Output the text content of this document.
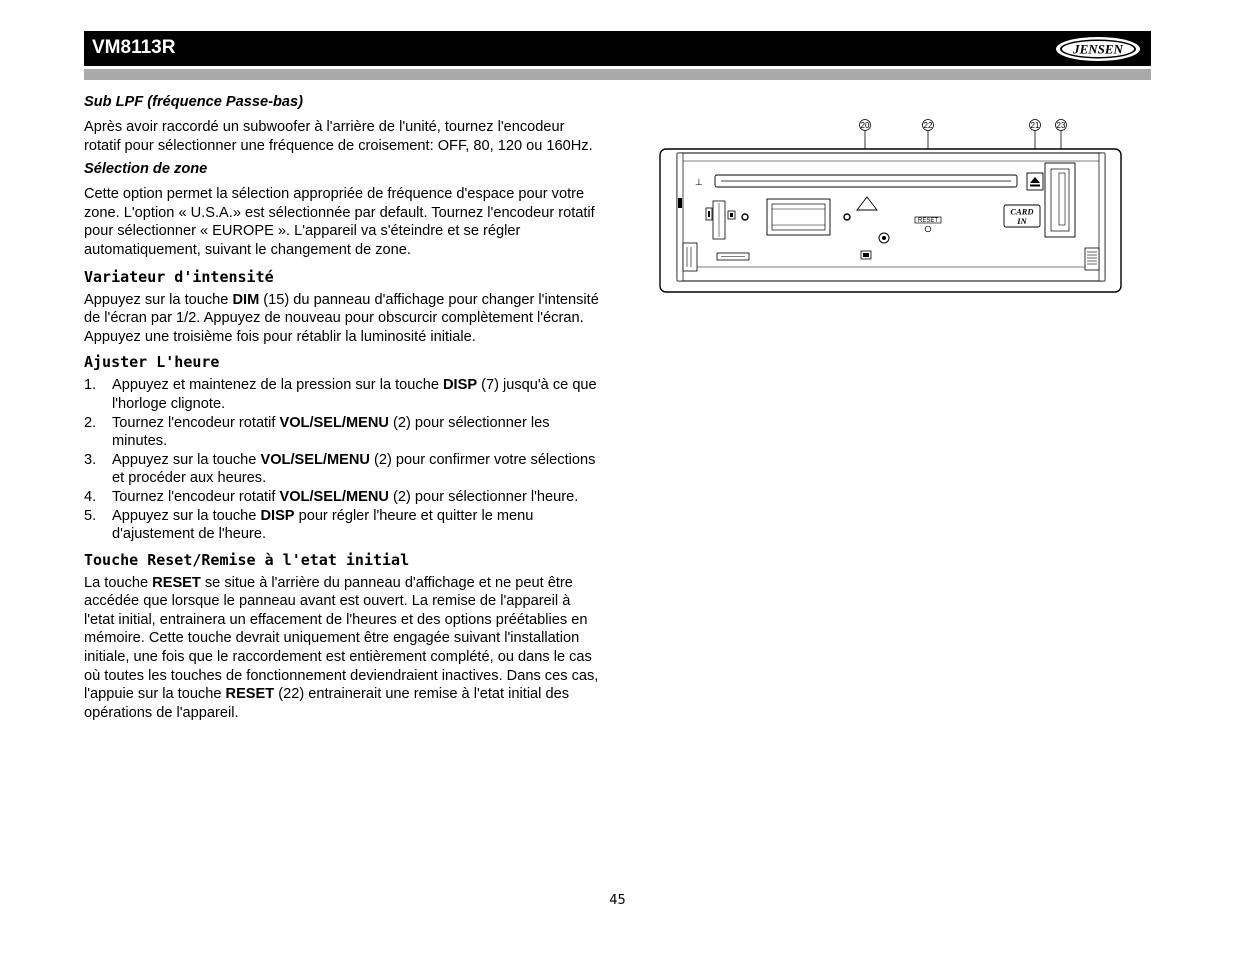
VM8113R	JENSEN
Sub LPF (fréquence Passe-bas)

Après avoir raccordé un subwoofer à l'arrière de l'unité, tournez l'encodeur rotatif pour sélectionner une fréquence de croisement: OFF, 80, 120 ou 160Hz.

Sélection de zone

Cette option permet la sélection appropriée de fréquence d'espace pour votre zone. L'option « U.S.A.» est sélectionnée par default. Tournez l'encodeur rotatif pour sélectionner « EUROPE ». L'appareil va s'éteindre et se régler automatiquement, suivant le changement de zone.

Variateur d'intensité

Appuyez sur la touche DIM (15) du panneau d'affichage pour changer l'intensité de l'écran par 1/2. Appuyez de nouveau pour obscurcir complètement l'écran. Appuyez une troisième fois pour rétablir la luminosité initiale.

Ajuster L'heure
1. Appuyez et maintenez de la pression sur la touche DISP (7) jusqu'à ce que l'horloge clignote.
2. Tournez l'encodeur rotatif VOL/SEL/MENU (2) pour sélectionner les minutes.
3. Appuyez sur la touche VOL/SEL/MENU (2) pour confirmer votre sélections et procéder aux heures.
4. Tournez l'encodeur rotatif VOL/SEL/MENU (2) pour sélectionner l'heure.
5. Appuyez sur la touche DISP pour régler l'heure et quitter le menu d'ajustement de l'heure.
Touche Reset/Remise à l'etat initial

La touche RESET se situe à l'arrière du panneau d'affichage et ne peut être accédée que lorsque le panneau avant est ouvert. La remise de l'appareil à l'etat initial, entrainera un effacement de l'heures et des options préétablies en mémoire. Cette touche devrait uniquement être engagée suivant l'installation initiale, une fois que le raccordement est entièrement complété, ou dans le cas où toutes les touches de fonctionnement deviendraient inactives. Dans ces cas, l'appuie sur la touche RESET (22) entrainerait une remise à l'etat initial des opérations de l'appareil.

20	22	21 23
⊥
CARD
IN
RESET
45
